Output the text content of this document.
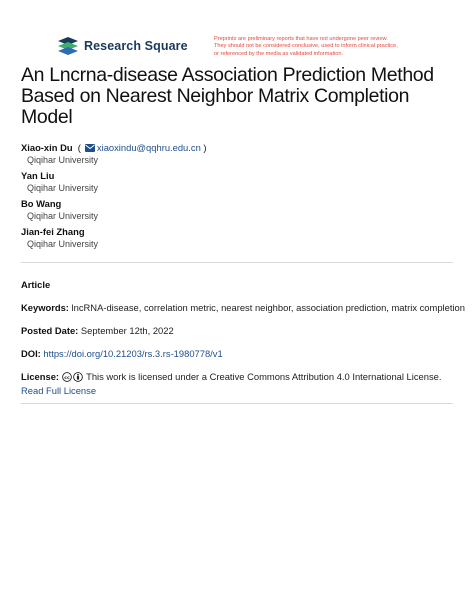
Research Square	Preprints are preliminary reports that have not undergone peer review.
They should not be considered conclusive, used to inform clinical practice,
or referenced by the media as validated information.
An Lncrna-disease Association Prediction Method Based on Nearest Neighbor Matrix Completion Model
Xiao-xin Du  ( xiaoxindu@qqhru.edu.cn )
Qiqihar University
Yan Liu
Qiqihar University
Bo Wang
Qiqihar University
Jian-fei Zhang
Qiqihar University
Article
Keywords: lncRNA-disease, correlation metric, nearest neighbor, association prediction, matrix completion
Posted Date: September 12th, 2022
DOI: https://doi.org/10.21203/rs.3.rs-1980778/v1
License: cc This work is licensed under a Creative Commons Attribution 4.0 International License.
Read Full License
